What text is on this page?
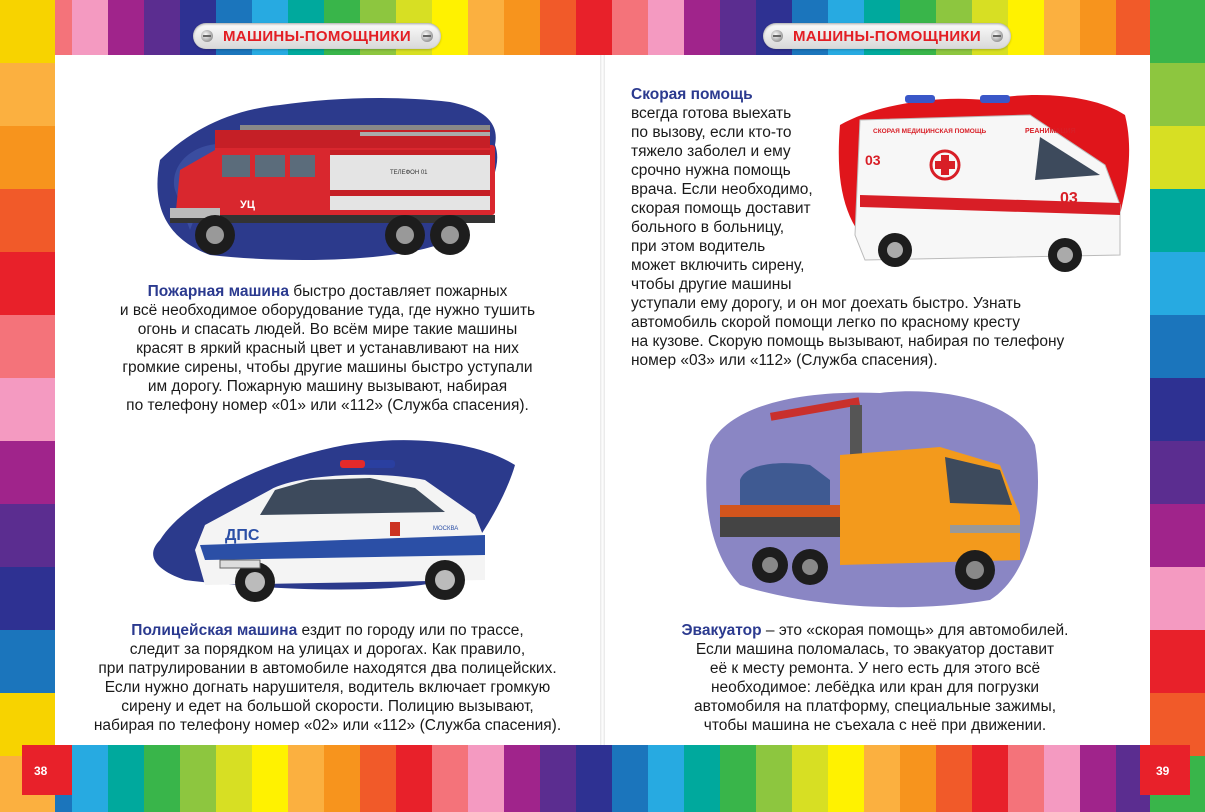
МАШИНЫ-ПОМОЩНИКИ	МАШИНЫ-ПОМОЩНИКИ
38	39
УЦ
ТЕЛЕФОН 01
Пожарная машина быстро доставляет пожарных
и всё необходимое оборудование туда, где нужно тушить
огонь и спасать людей. Во всём мире такие машины
красят в яркий красный цвет и устанавливают на них
громкие сирены, чтобы другие машины быстро уступали
им дорогу. Пожарную машину вызывают, набирая
по телефону номер «01» или «112» (Служба спасения).
ДПС	МОСКВА
Полицейская машина ездит по городу или по трассе,
следит за порядком на улицах и дорогах. Как правило,
при патрулировании в автомобиле находятся два полицейских.
Если нужно догнать нарушителя, водитель включает громкую
сирену и едет на большой скорости. Полицию вызывают,
набирая по телефону номер «02» или «112» (Служба спасения).
Скорая помощь
всегда готова выехать
по вызову, если кто-то
тяжело заболел и ему
срочно нужна помощь
врача. Если необходимо,
скорая помощь доставит
больного в больницу,
при этом водитель
может включить сирену,
чтобы другие машины
уступали ему дорогу, и он мог доехать быстро. Узнать
автомобиль скорой помощи легко по красному кресту
на кузове. Скорую помощь вызывают, набирая по телефону
номер «03» или «112» (Служба спасения).
СКОРАЯ МЕДИЦИНСКАЯ ПОМОЩЬ	РЕАНИМАЦИЯ
03
03
Эвакуатор – это «скорая помощь» для автомобилей.
Если машина поломалась, то эвакуатор доставит
её к месту ремонта. У него есть для этого всё
необходимое: лебёдка или кран для погрузки
автомобиля на платформу, специальные зажимы,
чтобы машина не съехала с неё при движении.
